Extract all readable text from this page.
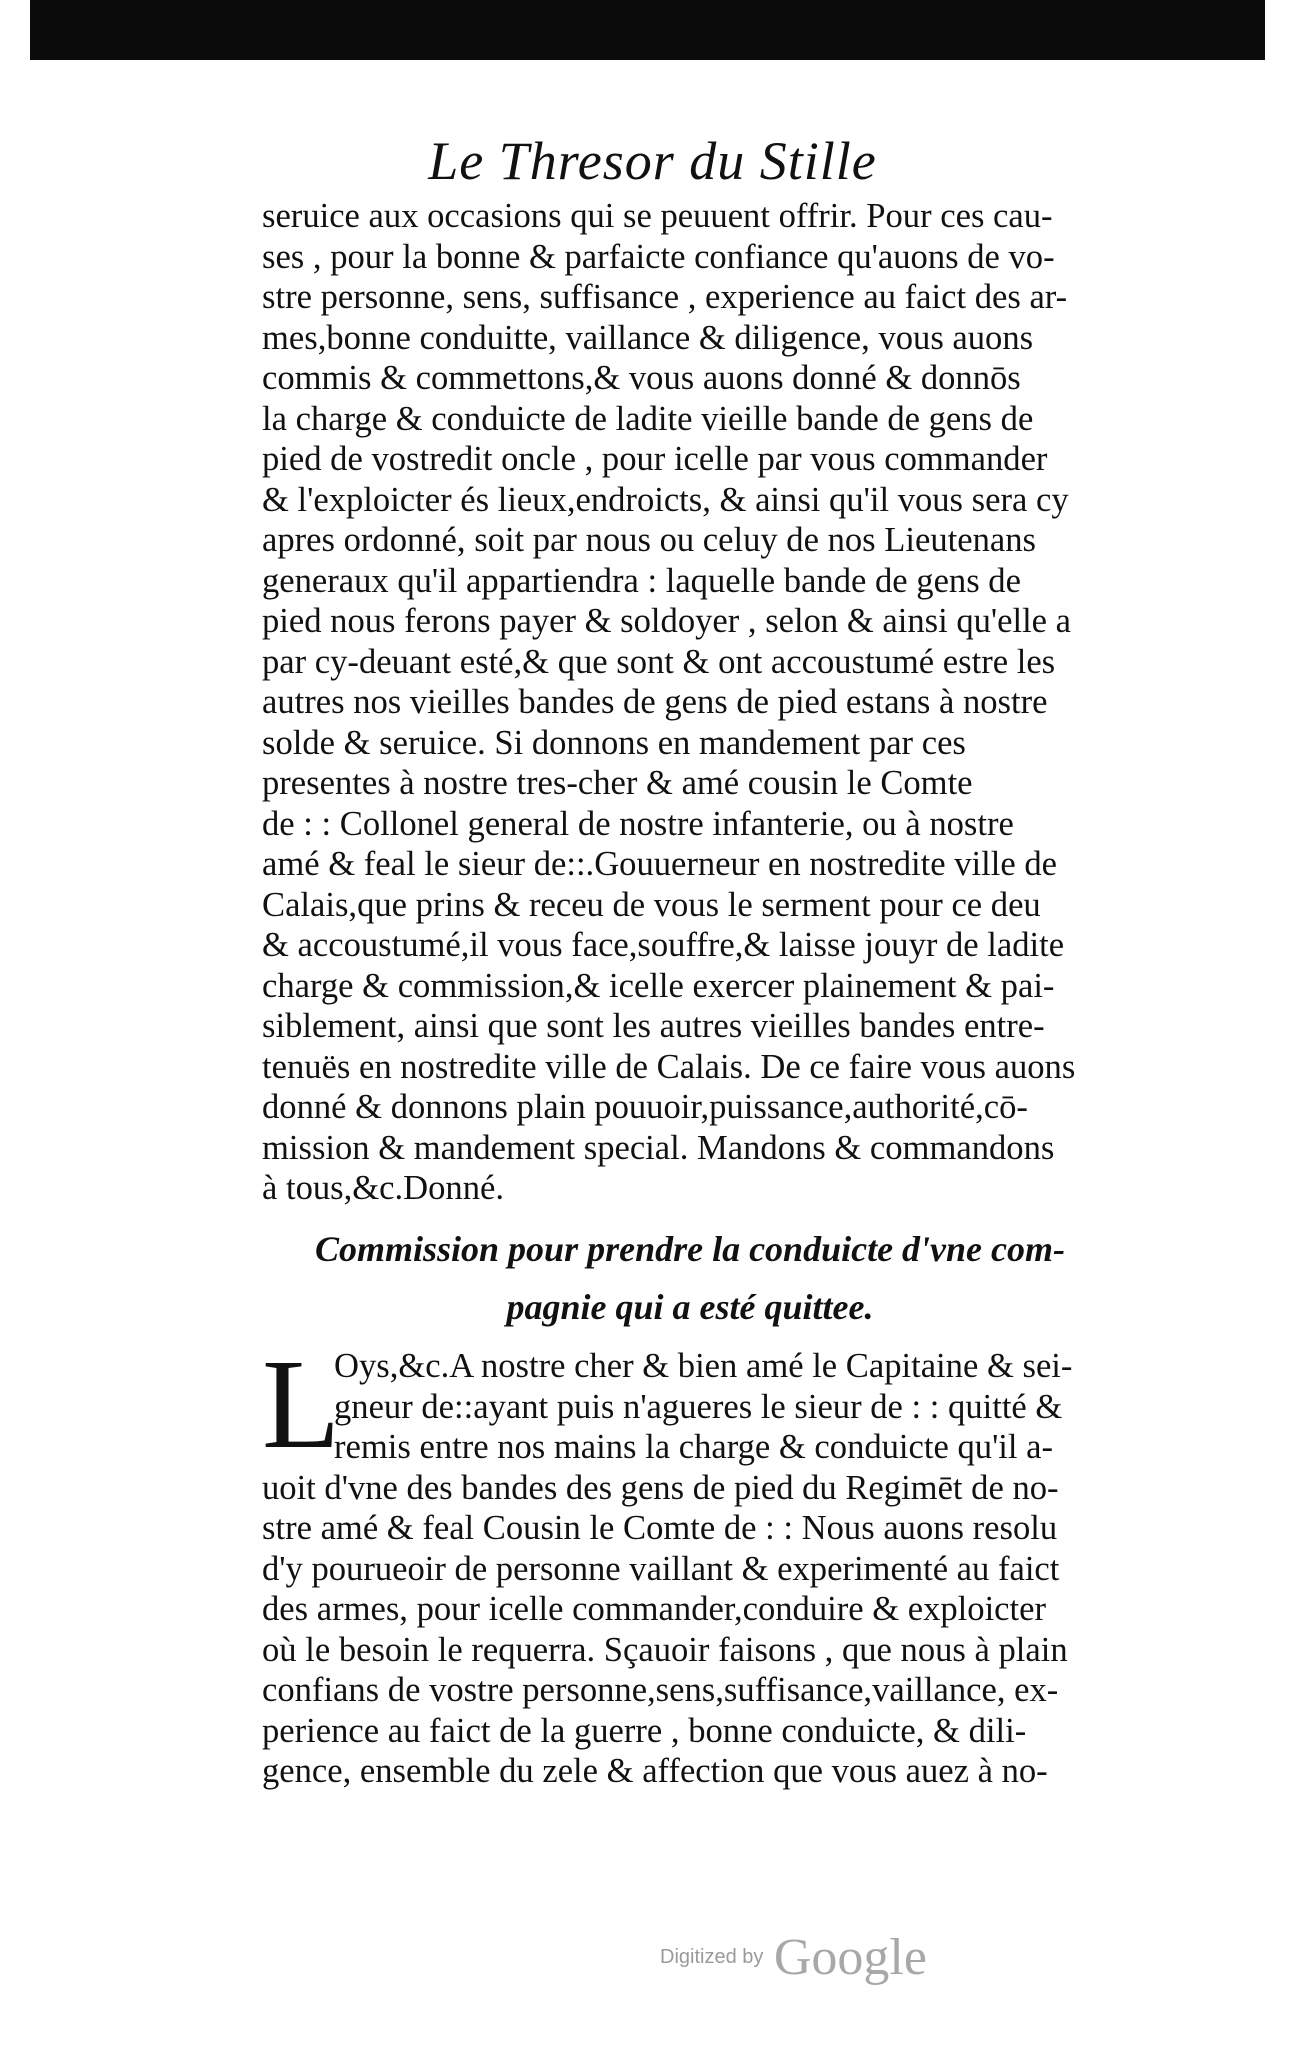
Le Thresor du Stille
seruice aux occasions qui se peuuent offrir. Pour ces cau-
ses , pour la bonne & parfaicte confiance qu'auons de vo-
stre personne, sens, suffisance , experience au faict des ar-
mes,bonne conduitte, vaillance & diligence, vous auons
commis & commettons,& vous auons donné & donnōs
la charge & conduicte de ladite vieille bande de gens de
pied de vostredit oncle , pour icelle par vous commander
& l'exploicter és lieux,endroicts, & ainsi qu'il vous sera cy
apres ordonné, soit par nous ou celuy de nos Lieutenans
generaux qu'il appartiendra : laquelle bande de gens de
pied nous ferons payer & soldoyer , selon & ainsi qu'elle a
par cy-deuant esté,& que sont & ont accoustumé estre les
autres nos vieilles bandes de gens de pied estans à nostre
solde & seruice. Si donnons en mandement par ces
presentes à nostre tres-cher & amé cousin le Comte
de : : Collonel general de nostre infanterie, ou à nostre
amé & feal le sieur de::.Gouuerneur en nostredite ville de
Calais,que prins & receu de vous le serment pour ce deu
& accoustumé,il vous face,souffre,& laisse jouyr de ladite
charge & commission,& icelle exercer plainement & pai-
siblement, ainsi que sont les autres vieilles bandes entre-
tenuës en nostredite ville de Calais. De ce faire vous auons
donné & donnons plain pouuoir,puissance,authorité,cō-
mission & mandement special. Mandons & commandons
à tous,&c.Donné.
Commission pour prendre la conduicte d'vne com-
pagnie qui a esté quittee.
L
Oys,&c.A nostre cher & bien amé le Capitaine & sei-
gneur de::ayant puis n'agueres le sieur de : : quitté &
remis entre nos mains la charge & conduicte qu'il a-
uoit d'vne des bandes des gens de pied du Regimēt de no-
stre amé & feal Cousin le Comte de : : Nous auons resolu
d'y pourueoir de personne vaillant & experimenté au faict
des armes, pour icelle commander,conduire & exploicter
où le besoin le requerra. Sçauoir faisons , que nous à plain
confians de vostre personne,sens,suffisance,vaillance, ex-
perience au faict de la guerre , bonne conduicte, & dili-
gence, ensemble du zele & affection que vous auez à no-
Digitized by Google
